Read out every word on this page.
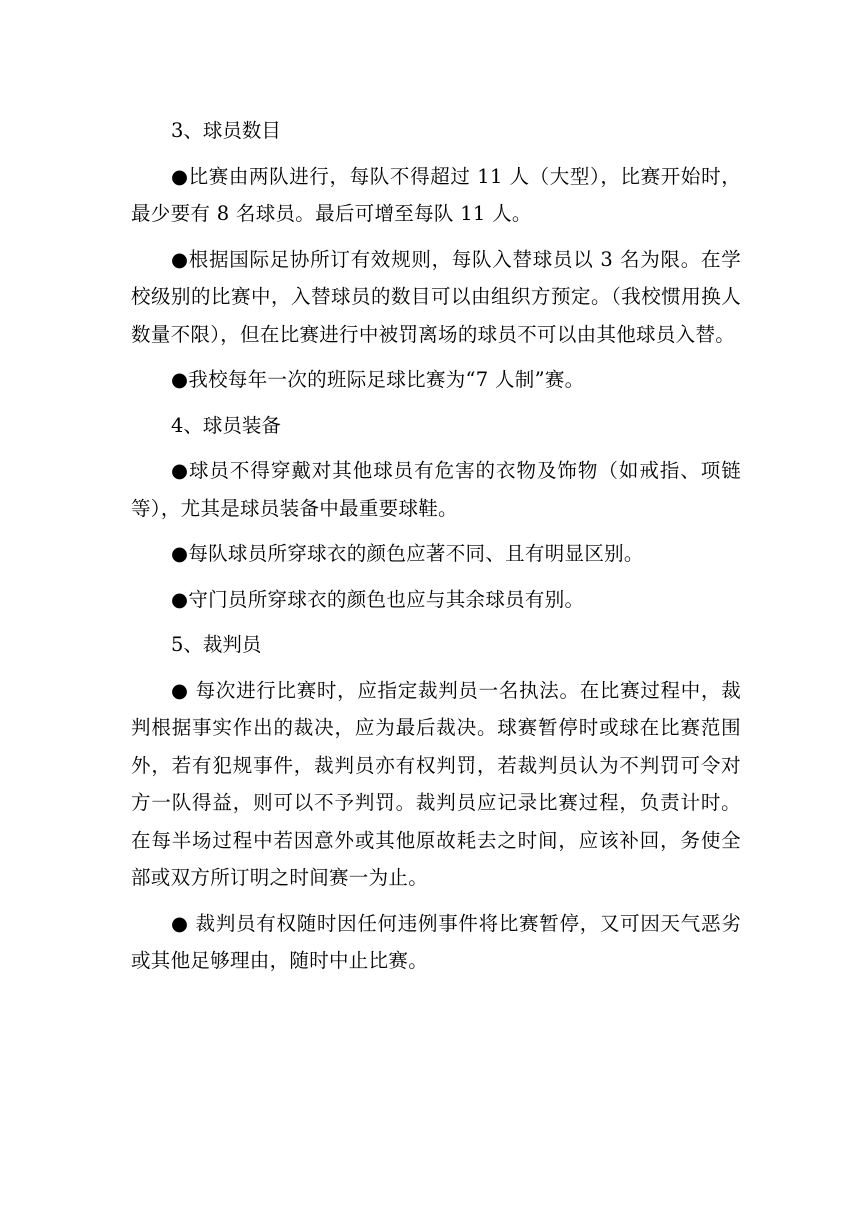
3、球员数目

●比赛由两队进行，每队不得超过 11 人（大型），比赛开始时，最少要有 8 名球员。最后可增至每队 11 人。

●根据国际足协所订有效规则，每队入替球员以 3 名为限。在学校级别的比赛中，入替球员的数目可以由组织方预定。（我校惯用换人数量不限），但在比赛进行中被罚离场的球员不可以由其他球员入替。

●我校每年一次的班际足球比赛为“7 人制”赛。

4、球员装备

●球员不得穿戴对其他球员有危害的衣物及饰物（如戒指、项链等），尤其是球员装备中最重要球鞋。

●每队球员所穿球衣的颜色应著不同、且有明显区别。

●守门员所穿球衣的颜色也应与其余球员有别。

5、裁判员

● 每次进行比赛时，应指定裁判员一名执法。在比赛过程中，裁判根据事实作出的裁决，应为最后裁决。球赛暂停时或球在比赛范围外，若有犯规事件，裁判员亦有权判罚，若裁判员认为不判罚可令对方一队得益，则可以不予判罚。裁判员应记录比赛过程，负责计时。在每半场过程中若因意外或其他原故耗去之时间，应该补回，务使全部或双方所订明之时间赛一为止。

● 裁判员有权随时因任何违例事件将比赛暂停，又可因天气恶劣或其他足够理由，随时中止比赛。
